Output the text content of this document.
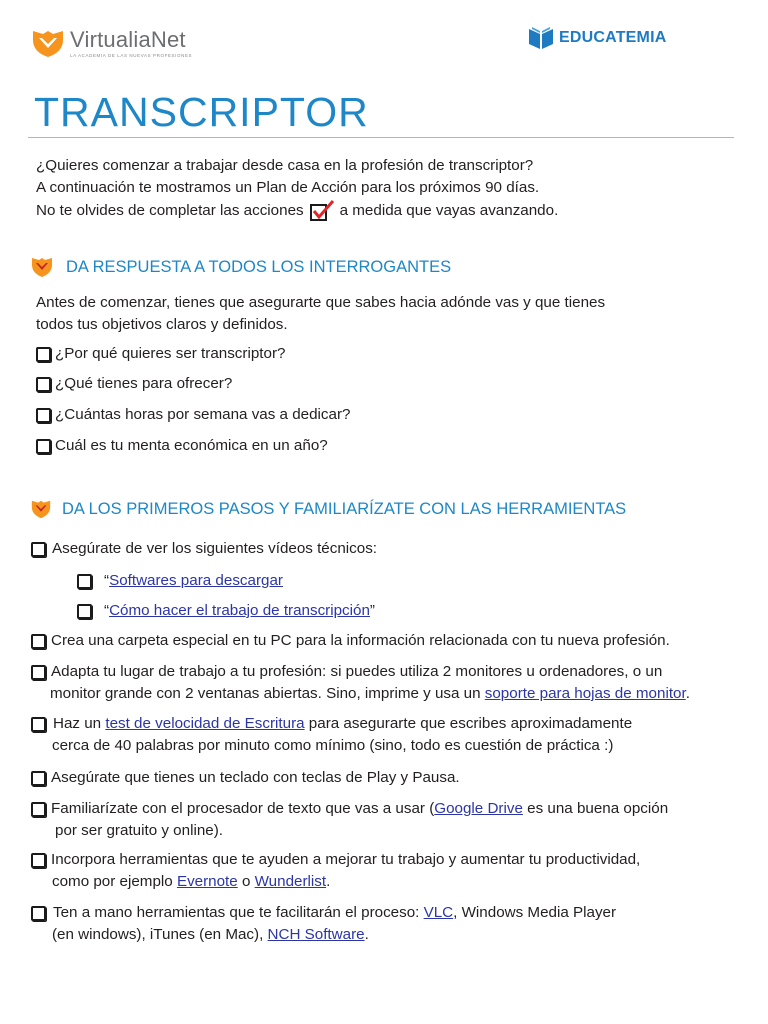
VirtualiaNet
LA ACADEMIA DE LAS NUEVAS PROFESIONES
EDUCATEMIA
TRANSCRIPTOR
¿Quieres comenzar a trabajar desde casa en la profesión de transcriptor?
A continuación te mostramos un Plan de Acción para los próximos 90 días.
No te olvides de completar las acciones a medida que vayas avanzando.
DA RESPUESTA A TODOS LOS INTERROGANTES
Antes de comenzar, tienes que asegurarte que sabes hacia adónde vas y que tienes
todos tus objetivos claros y definidos.
¿Por qué quieres ser transcriptor?
¿Qué tienes para ofrecer?
¿Cuántas horas por semana vas a dedicar?
Cuál es tu menta económica en un año?
DA LOS PRIMEROS PASOS Y FAMILIARÍZATE CON LAS HERRAMIENTAS
Asegúrate de ver los siguientes vídeos técnicos:
“ Softwares para descargar
“ Cómo hacer el trabajo de transcripción ”
Crea una carpeta especial en tu PC para la información relacionada con tu nueva profesión.
Adapta tu lugar de trabajo a tu profesión: si puedes utiliza 2 monitores u ordenadores, o un
monitor grande con 2 ventanas abiertas. Sino, imprime y usa un soporte para hojas de monitor.
Haz un test de velocidad de Escritura para asegurarte que escribes aproximadamente
cerca de 40 palabras por minuto como mínimo (sino, todo es cuestión de práctica :)
Asegúrate que tienes un teclado con teclas de Play y Pausa.
Familiarízate con el procesador de texto que vas a usar (Google Drive es una buena opción
por ser gratuito y online).
Incorpora herramientas que te ayuden a mejorar tu trabajo y aumentar tu productividad,
como por ejemplo Evernote o Wunderlist.
Ten a mano herramientas que te facilitarán el proceso: VLC, Windows Media Player
(en windows), iTunes (en Mac), NCH Software.
